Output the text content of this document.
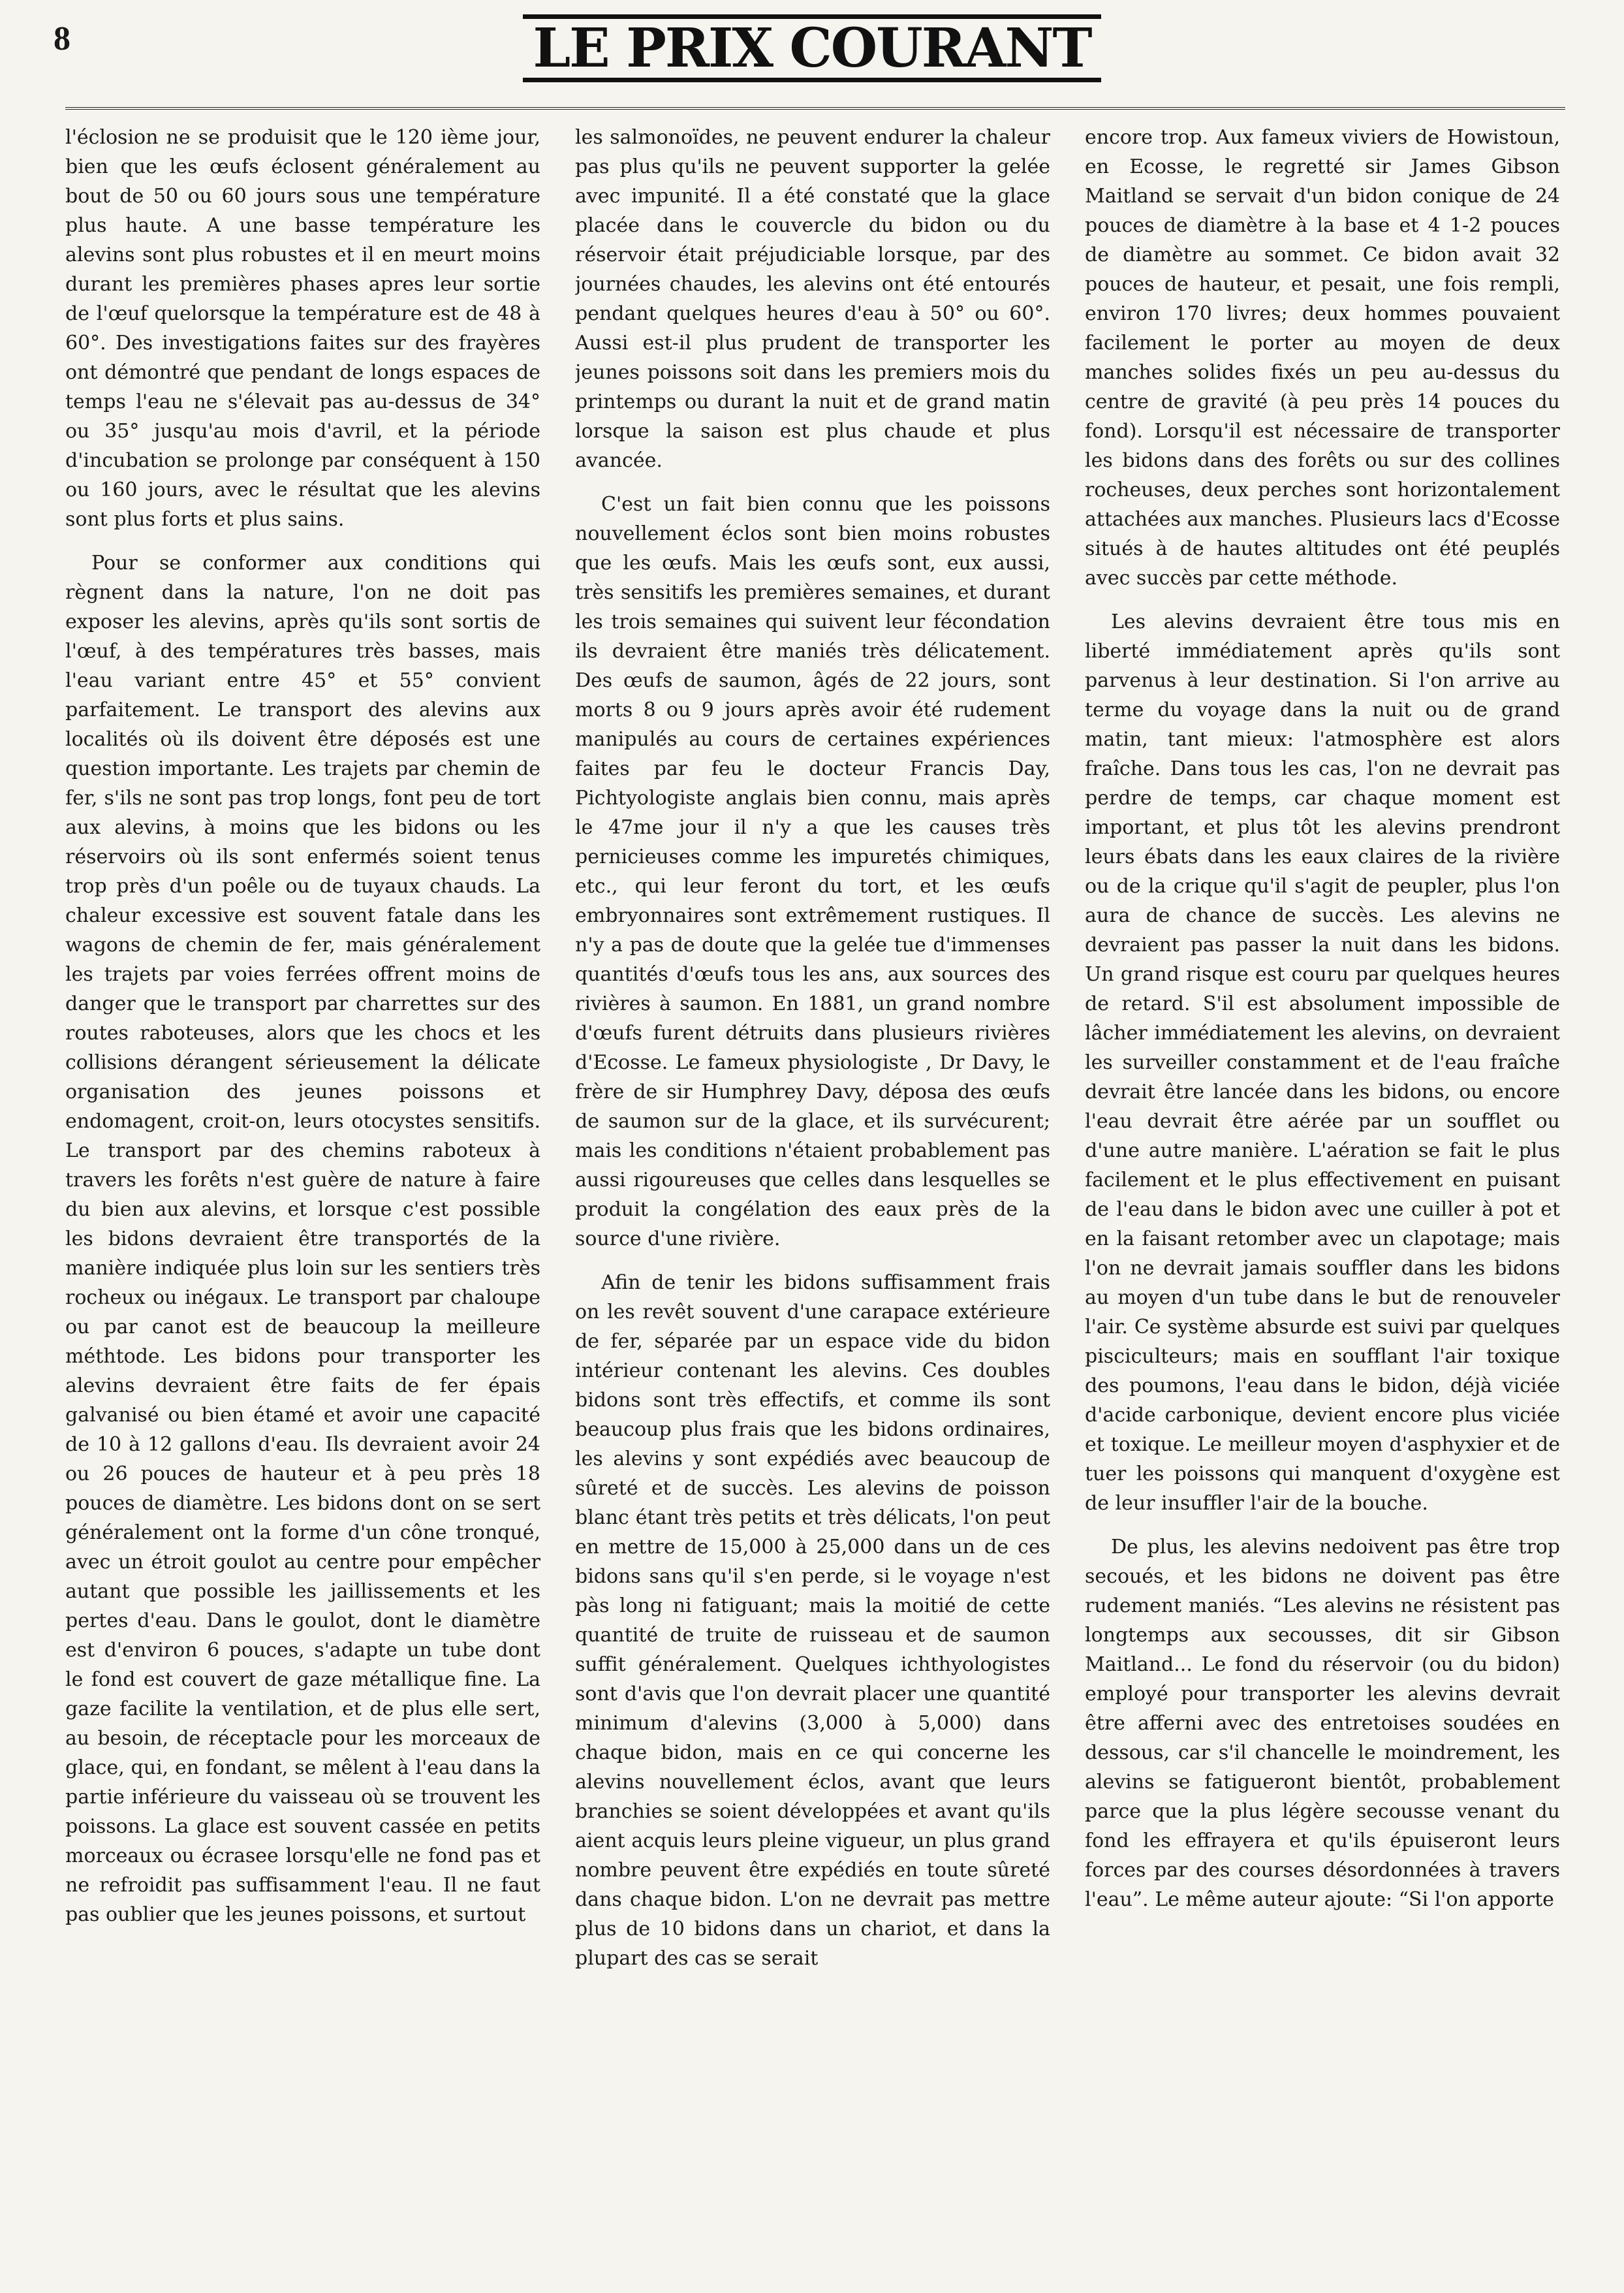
8	LE PRIX COURANT

l'éclosion ne se produisit que le 120 ième jour, bien que les œufs éclosent généralement au bout de 50 ou 60 jours sous une température plus haute. A une basse température les alevins sont plus robustes et il en meurt moins durant les premières phases apres leur sortie de l'œuf quelorsque la température est de 48 à 60°. Des investigations faites sur des frayères ont démontré que pendant de longs espaces de temps l'eau ne s'élevait pas au-dessus de 34° ou 35° jusqu'au mois d'avril, et la période d'incubation se prolonge par conséquent à 150 ou 160 jours, avec le résultat que les alevins sont plus forts et plus sains.

Pour se conformer aux conditions qui règnent dans la nature, l'on ne doit pas exposer les alevins, après qu'ils sont sortis de l'œuf, à des températures très basses, mais l'eau variant entre 45° et 55° convient parfaitement. Le transport des alevins aux localités où ils doivent être déposés est une question importante. Les trajets par chemin de fer, s'ils ne sont pas trop longs, font peu de tort aux alevins, à moins que les bidons ou les réservoirs où ils sont enfermés soient tenus trop près d'un poêle ou de tuyaux chauds. La chaleur excessive est souvent fatale dans les wagons de chemin de fer, mais généralement les trajets par voies ferrées offrent moins de danger que le transport par charrettes sur des routes raboteuses, alors que les chocs et les collisions dérangent sérieusement la délicate organisation des jeunes poissons et endomagent, croit-on, leurs otocystes sensitifs. Le transport par des chemins raboteux à travers les forêts n'est guère de nature à faire du bien aux alevins, et lorsque c'est possible les bidons devraient être transportés de la manière indiquée plus loin sur les sentiers très rocheux ou inégaux. Le transport par chaloupe ou par canot est de beaucoup la meilleure méthtode. Les bidons pour transporter les alevins devraient être faits de fer épais galvanisé ou bien étamé et avoir une capacité de 10 à 12 gallons d'eau. Ils devraient avoir 24 ou 26 pouces de hauteur et à peu près 18 pouces de diamètre. Les bidons dont on se sert généralement ont la forme d'un cône tronqué, avec un étroit goulot au centre pour empêcher autant que possible les jaillissements et les pertes d'eau. Dans le goulot, dont le diamètre est d'environ 6 pouces, s'adapte un tube dont le fond est couvert de gaze métallique fine. La gaze facilite la ventilation, et de plus elle sert, au besoin, de réceptacle pour les morceaux de glace, qui, en fondant, se mêlent à l'eau dans la partie inférieure du vaisseau où se trouvent les poissons. La glace est souvent cassée en petits morceaux ou écrasee lorsqu'elle ne fond pas et ne refroidit pas suffisamment l'eau. Il ne faut pas oublier que les jeunes poissons, et surtout

les salmonoïdes, ne peuvent endurer la chaleur pas plus qu'ils ne peuvent supporter la gelée avec impunité. Il a été constaté que la glace placée dans le couvercle du bidon ou du réservoir était préjudiciable lorsque, par des journées chaudes, les alevins ont été entourés pendant quelques heures d'eau à 50° ou 60°. Aussi est-il plus prudent de transporter les jeunes poissons soit dans les premiers mois du printemps ou durant la nuit et de grand matin lorsque la saison est plus chaude et plus avancée.

C'est un fait bien connu que les poissons nouvellement éclos sont bien moins robustes que les œufs. Mais les œufs sont, eux aussi, très sensitifs les premières semaines, et durant les trois semaines qui suivent leur fécondation ils devraient être maniés très délicatement. Des œufs de saumon, âgés de 22 jours, sont morts 8 ou 9 jours après avoir été rudement manipulés au cours de certaines expériences faites par feu le docteur Francis Day, Pichtyologiste anglais bien connu, mais après le 47me jour il n'y a que les causes très pernicieuses comme les impuretés chimiques, etc., qui leur feront du tort, et les œufs embryonnaires sont extrêmement rustiques. Il n'y a pas de doute que la gelée tue d'immenses quantités d'œufs tous les ans, aux sources des rivières à saumon. En 1881, un grand nombre d'œufs furent détruits dans plusieurs rivières d'Ecosse. Le fameux physiologiste , Dr Davy, le frère de sir Humphrey Davy, déposa des œufs de saumon sur de la glace, et ils survécurent; mais les conditions n'étaient probablement pas aussi rigoureuses que celles dans lesquelles se produit la congélation des eaux près de la source d'une rivière.

Afin de tenir les bidons suffisamment frais on les revêt souvent d'une carapace extérieure de fer, séparée par un espace vide du bidon intérieur contenant les alevins. Ces doubles bidons sont très effectifs, et comme ils sont beaucoup plus frais que les bidons ordinaires, les alevins y sont expédiés avec beaucoup de sûreté et de succès. Les alevins de poisson blanc étant très petits et très délicats, l'on peut en mettre de 15,000 à 25,000 dans un de ces bidons sans qu'il s'en perde, si le voyage n'est pàs long ni fatiguant; mais la moitié de cette quantité de truite de ruisseau et de saumon suffit généralement. Quelques ichthyologistes sont d'avis que l'on devrait placer une quantité minimum d'alevins (3,000 à 5,000) dans chaque bidon, mais en ce qui concerne les alevins nouvellement éclos, avant que leurs branchies se soient développées et avant qu'ils aient acquis leurs pleine vigueur, un plus grand nombre peuvent être expédiés en toute sûreté dans chaque bidon. L'on ne devrait pas mettre plus de 10 bidons dans un chariot, et dans la plupart des cas se serait

encore trop. Aux fameux viviers de Howistoun, en Ecosse, le regretté sir James Gibson Maitland se servait d'un bidon conique de 24 pouces de diamètre à la base et 4 1-2 pouces de diamètre au sommet. Ce bidon avait 32 pouces de hauteur, et pesait, une fois rempli, environ 170 livres; deux hommes pouvaient facilement le porter au moyen de deux manches solides fixés un peu au-dessus du centre de gravité (à peu près 14 pouces du fond). Lorsqu'il est nécessaire de transporter les bidons dans des forêts ou sur des collines rocheuses, deux perches sont horizontalement attachées aux manches. Plusieurs lacs d'Ecosse situés à de hautes altitudes ont été peuplés avec succès par cette méthode.

Les alevins devraient être tous mis en liberté immédiatement après qu'ils sont parvenus à leur destination. Si l'on arrive au terme du voyage dans la nuit ou de grand matin, tant mieux: l'atmosphère est alors fraîche. Dans tous les cas, l'on ne devrait pas perdre de temps, car chaque moment est important, et plus tôt les alevins prendront leurs ébats dans les eaux claires de la rivière ou de la crique qu'il s'agit de peupler, plus l'on aura de chance de succès. Les alevins ne devraient pas passer la nuit dans les bidons. Un grand risque est couru par quelques heures de retard. S'il est absolument impossible de lâcher immédiatement les alevins, on devraient les surveiller constamment et de l'eau fraîche devrait être lancée dans les bidons, ou encore l'eau devrait être aérée par un soufflet ou d'une autre manière. L'aération se fait le plus facilement et le plus effectivement en puisant de l'eau dans le bidon avec une cuiller à pot et en la faisant retomber avec un clapotage; mais l'on ne devrait jamais souffler dans les bidons au moyen d'un tube dans le but de renouveler l'air. Ce système absurde est suivi par quelques pisciculteurs; mais en soufflant l'air toxique des poumons, l'eau dans le bidon, déjà viciée d'acide carbonique, devient encore plus viciée et toxique. Le meilleur moyen d'asphyxier et de tuer les poissons qui manquent d'oxygène est de leur insuffler l'air de la bouche.

De plus, les alevins nedoivent pas être trop secoués, et les bidons ne doivent pas être rudement maniés. “Les alevins ne résistent pas longtemps aux secousses, dit sir Gibson Maitland... Le fond du réservoir (ou du bidon) employé pour transporter les alevins devrait être afferni avec des entretoises soudées en dessous, car s'il chancelle le moindrement, les alevins se fatigueront bientôt, probablement parce que la plus légère secousse venant du fond les effrayera et qu'ils épuiseront leurs forces par des courses désordonnées à travers l'eau”. Le même auteur ajoute: “Si l'on apporte
